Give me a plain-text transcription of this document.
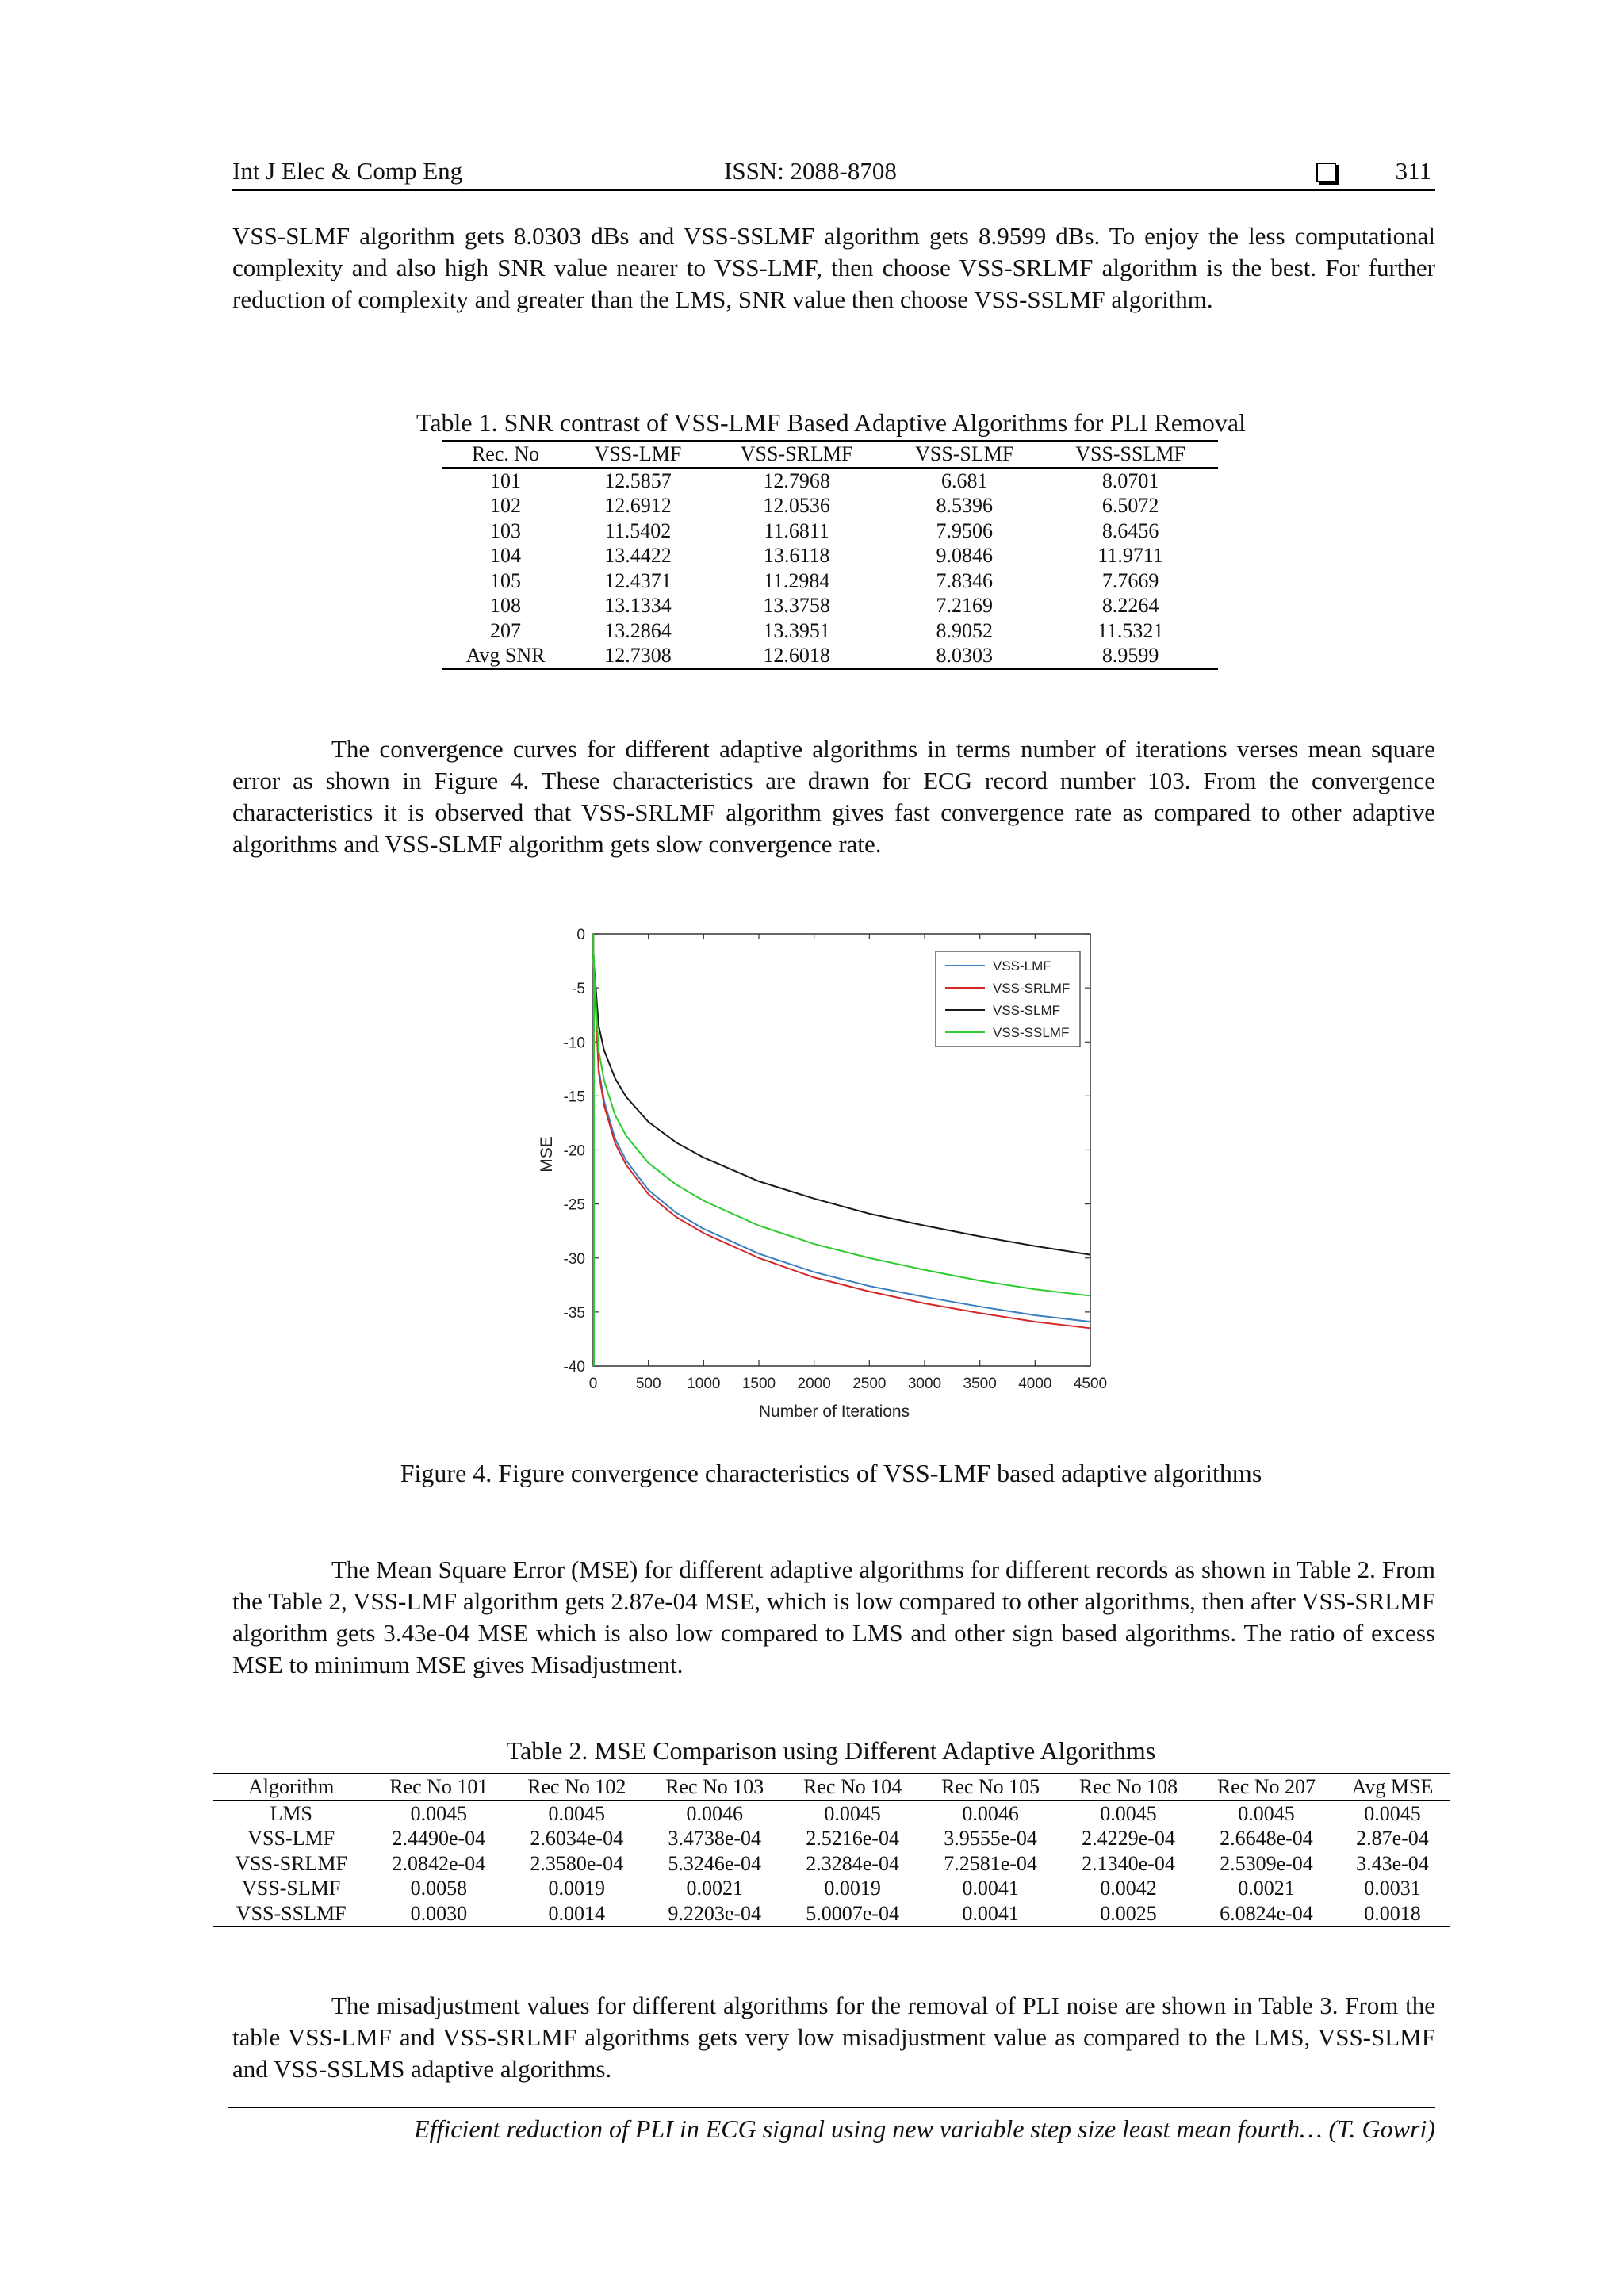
Int J Elec & Comp Eng	ISSN: 2088-8708	311

VSS-SLMF algorithm gets 8.0303 dBs and VSS-SSLMF algorithm gets 8.9599 dBs. To enjoy the less computational complexity and also high SNR value nearer to VSS-LMF, then choose VSS-SRLMF algorithm is the best. For further reduction of complexity and greater than the LMS, SNR value then choose VSS-SSLMF algorithm.

Table 1. SNR contrast of VSS-LMF Based Adaptive Algorithms for PLI Removal
Rec. No	VSS-LMF	VSS-SRLMF	VSS-SLMF	VSS-SSLMF
101	12.5857	12.7968	6.681	8.0701
102	12.6912	12.0536	8.5396	6.5072
103	11.5402	11.6811	7.9506	8.6456
104	13.4422	13.6118	9.0846	11.9711
105	12.4371	11.2984	7.8346	7.7669
108	13.1334	13.3758	7.2169	8.2264
207	13.2864	13.3951	8.9052	11.5321
Avg SNR	12.7308	12.6018	8.0303	8.9599

The convergence curves for different adaptive algorithms in terms number of iterations verses mean square error as shown in Figure 4. These characteristics are drawn for ECG record number 103. From the convergence characteristics it is observed that VSS-SRLMF algorithm gives fast convergence rate as compared to other adaptive algorithms and VSS-SLMF algorithm gets slow convergence rate.

0
-5
-10
-15
-20
-25
-30
-35
-40
0	500 1000 1500 2000 2500 3000 3500 4000 4500
VSS-LMF
VSS-SRLMF
VSS-SLMF
VSS-SSLMF
Number of Iterations
MSE
Figure 4. Figure convergence characteristics of VSS-LMF based adaptive algorithms

The Mean Square Error (MSE) for different adaptive algorithms for different records as shown in Table 2. From the Table 2, VSS-LMF algorithm gets 2.87e-04 MSE, which is low compared to other algorithms, then after VSS-SRLMF algorithm gets 3.43e-04 MSE which is also low compared to LMS and other sign based algorithms. The ratio of excess MSE to minimum MSE gives Misadjustment.

Table 2. MSE Comparison using Different Adaptive Algorithms
Algorithm	Rec No 101	Rec No 102	Rec No 103	Rec No 104	Rec No 105	Rec No 108	Rec No 207	Avg MSE
LMS	0.0045	0.0045	0.0046	0.0045	0.0046	0.0045	0.0045	0.0045
VSS-LMF	2.4490e-04	2.6034e-04	3.4738e-04	2.5216e-04	3.9555e-04	2.4229e-04	2.6648e-04	2.87e-04
VSS-SRLMF	2.0842e-04	2.3580e-04	5.3246e-04	2.3284e-04	7.2581e-04	2.1340e-04	2.5309e-04	3.43e-04
VSS-SLMF	0.0058	0.0019	0.0021	0.0019	0.0041	0.0042	0.0021	0.0031
VSS-SSLMF	0.0030	0.0014	9.2203e-04	5.0007e-04	0.0041	0.0025	6.0824e-04	0.0018

The misadjustment values for different algorithms for the removal of PLI noise are shown in Table 3. From the table VSS-LMF and VSS-SRLMF algorithms gets very low misadjustment value as compared to the LMS, VSS-SLMF and VSS-SSLMS adaptive algorithms.

Efficient reduction of PLI in ECG signal using new variable step size least mean fourth… (T. Gowri)
